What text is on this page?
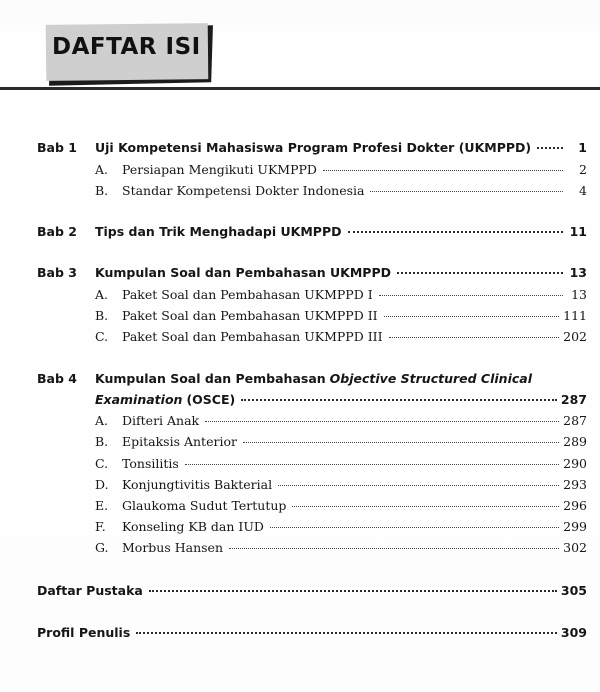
DAFTAR ISI
Bab 1	Uji Kompetensi Mahasiswa Program Profesi Dokter (UKMPPD)	1
A.	Persiapan Mengikuti UKMPPD	2
B.	Standar Kompetensi Dokter Indonesia	4
Bab 2	Tips dan Trik Menghadapi UKMPPD	11
Bab 3	Kumpulan Soal dan Pembahasan UKMPPD	13
A.	Paket Soal dan Pembahasan UKMPPD I	13
B.	Paket Soal dan Pembahasan UKMPPD II	111
C.	Paket Soal dan Pembahasan UKMPPD III	202
Bab 4	Kumpulan Soal dan Pembahasan Objective Structured Clinical
Examination (OSCE)	287
A.	Difteri Anak	287
B.	Epitaksis Anterior	289
C.	Tonsilitis	290
D.	Konjungtivitis Bakterial	293
E.	Glaukoma Sudut Tertutup	296
F.	Konseling KB dan IUD	299
G.	Morbus Hansen	302
Daftar Pustaka	305
Profil Penulis	309
